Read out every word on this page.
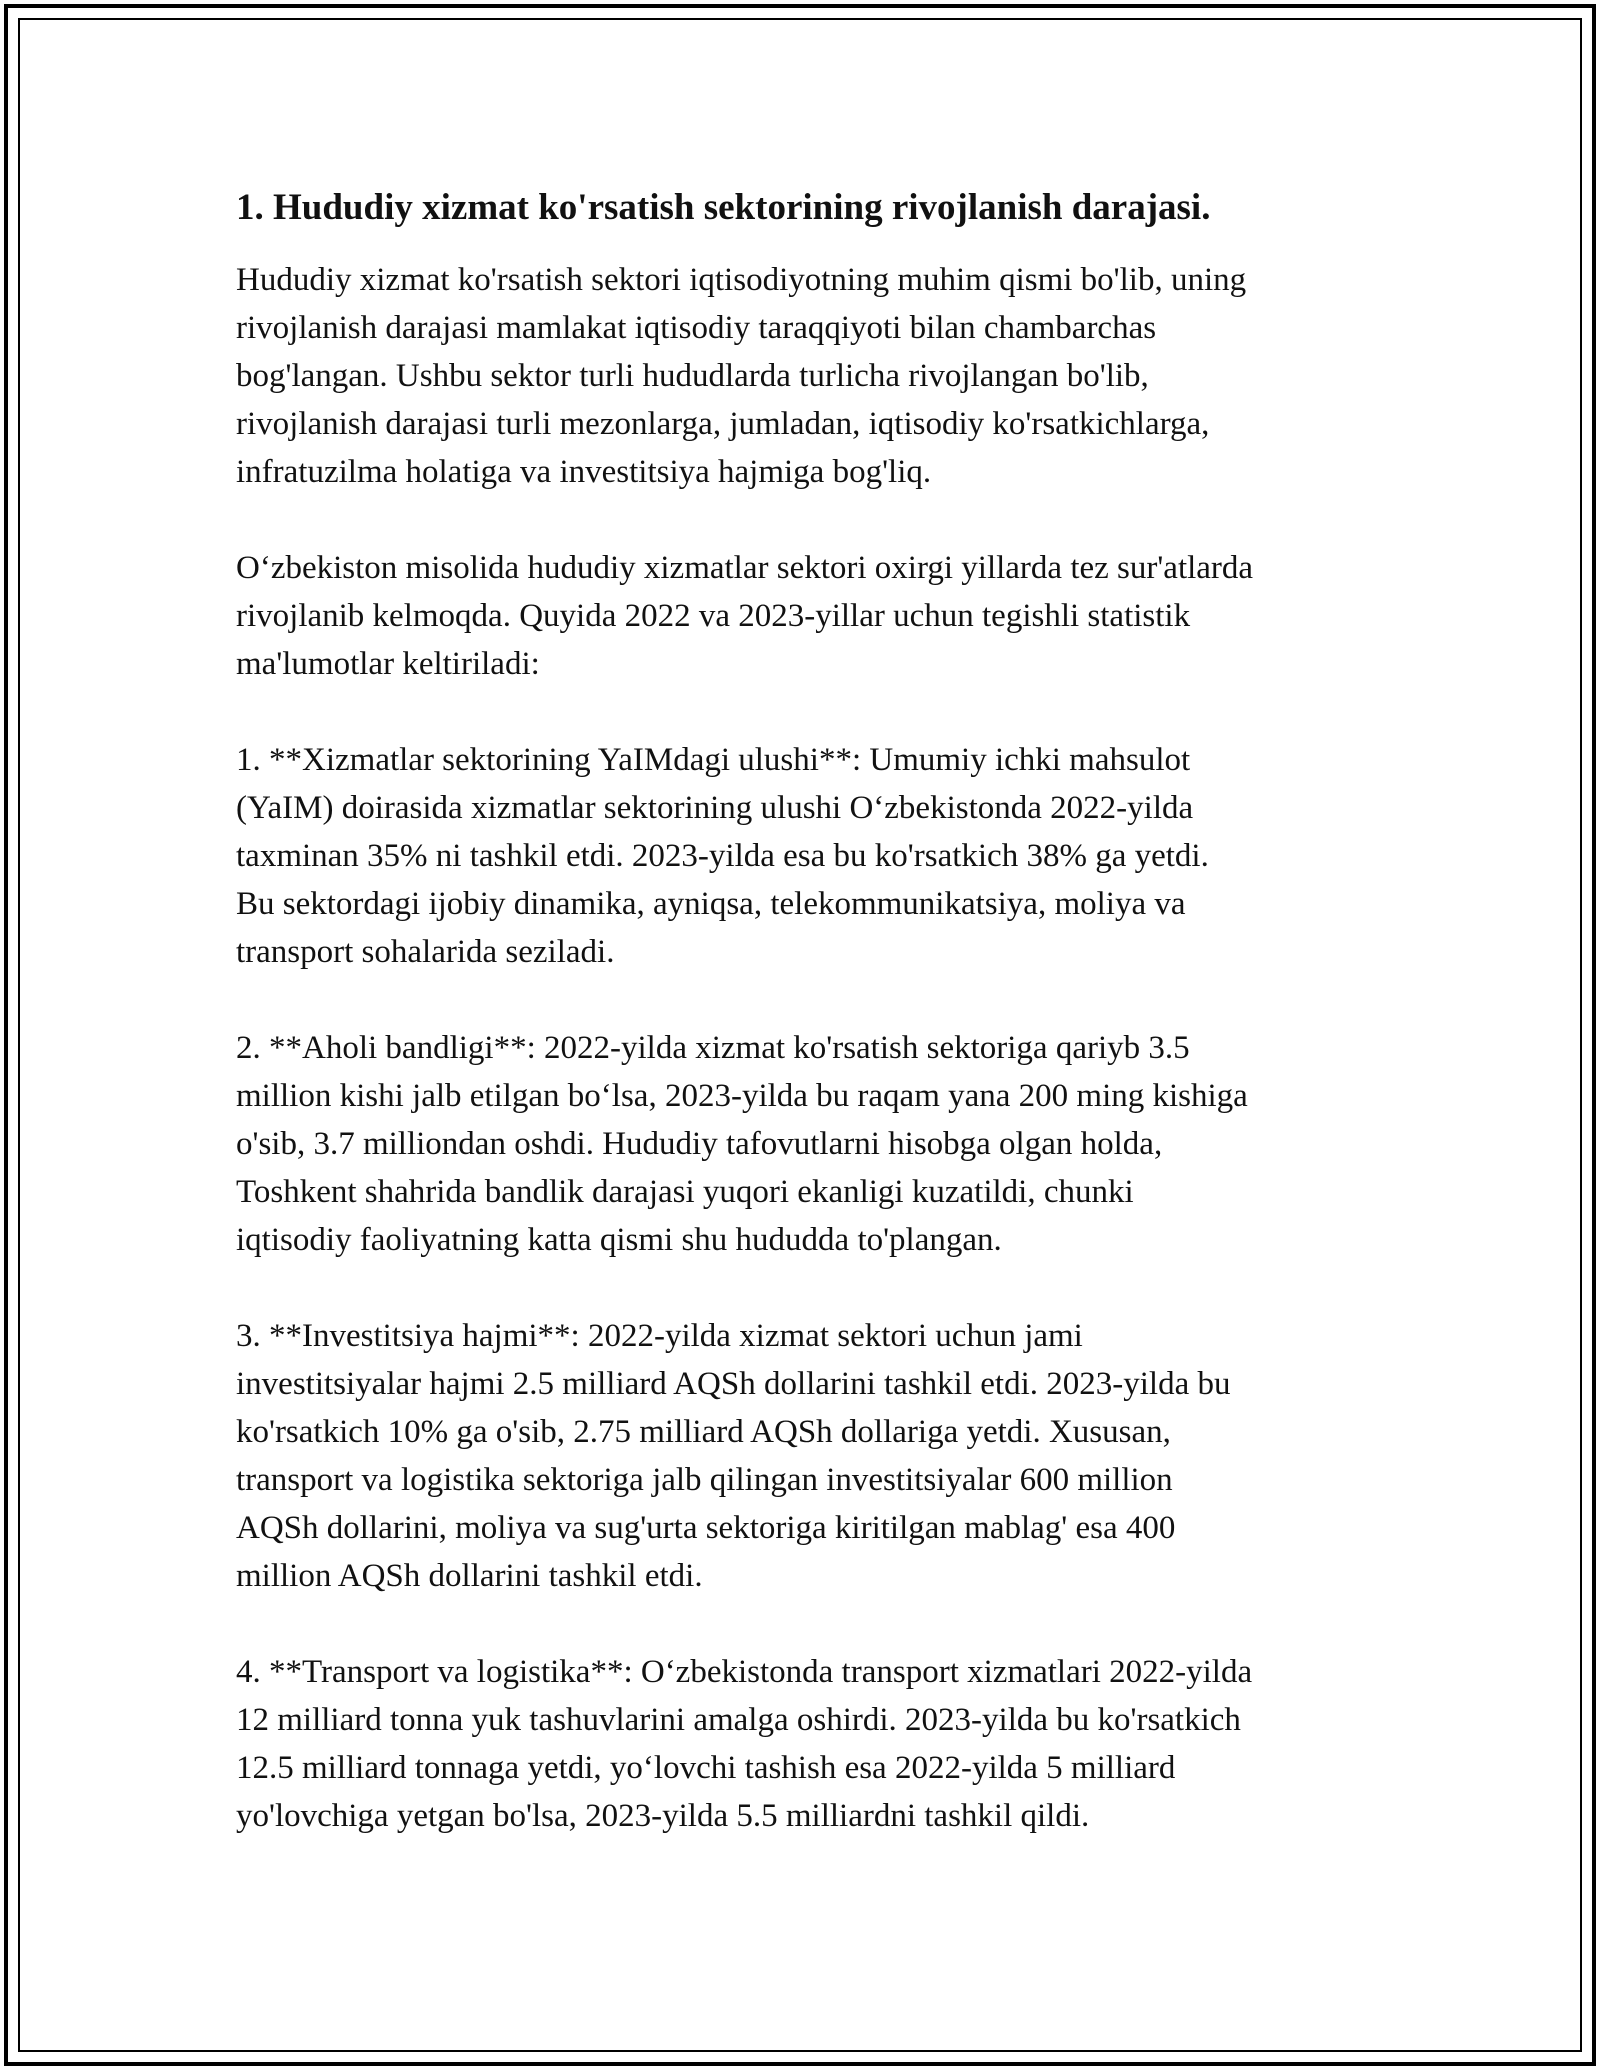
1. Hududiy xizmat ko'rsatish sektorining rivojlanish darajasi.

Hududiy xizmat ko'rsatish sektori iqtisodiyotning muhim qismi bo'lib, uning
rivojlanish darajasi mamlakat iqtisodiy taraqqiyoti bilan chambarchas
bog'langan. Ushbu sektor turli hududlarda turlicha rivojlangan bo'lib,
rivojlanish darajasi turli mezonlarga, jumladan, iqtisodiy ko'rsatkichlarga,
infratuzilma holatiga va investitsiya hajmiga bog'liq.

O‘zbekiston misolida hududiy xizmatlar sektori oxirgi yillarda tez sur'atlarda
rivojlanib kelmoqda. Quyida 2022 va 2023-yillar uchun tegishli statistik
ma'lumotlar keltiriladi:

1. **Xizmatlar sektorining YaIMdagi ulushi**: Umumiy ichki mahsulot
(YaIM) doirasida xizmatlar sektorining ulushi O‘zbekistonda 2022-yilda
taxminan 35% ni tashkil etdi. 2023-yilda esa bu ko'rsatkich 38% ga yetdi.
Bu sektordagi ijobiy dinamika, ayniqsa, telekommunikatsiya, moliya va
transport sohalarida seziladi.

2. **Aholi bandligi**: 2022-yilda xizmat ko'rsatish sektoriga qariyb 3.5
million kishi jalb etilgan bo‘lsa, 2023-yilda bu raqam yana 200 ming kishiga
o'sib, 3.7 milliondan oshdi. Hududiy tafovutlarni hisobga olgan holda,
Toshkent shahrida bandlik darajasi yuqori ekanligi kuzatildi, chunki
iqtisodiy faoliyatning katta qismi shu hududda to'plangan.

3. **Investitsiya hajmi**: 2022-yilda xizmat sektori uchun jami
investitsiyalar hajmi 2.5 milliard AQSh dollarini tashkil etdi. 2023-yilda bu
ko'rsatkich 10% ga o'sib, 2.75 milliard AQSh dollariga yetdi. Xususan,
transport va logistika sektoriga jalb qilingan investitsiyalar 600 million
AQSh dollarini, moliya va sug'urta sektoriga kiritilgan mablag' esa 400
million AQSh dollarini tashkil etdi.

4. **Transport va logistika**: O‘zbekistonda transport xizmatlari 2022-yilda
12 milliard tonna yuk tashuvlarini amalga oshirdi. 2023-yilda bu ko'rsatkich
12.5 milliard tonnaga yetdi, yo‘lovchi tashish esa 2022-yilda 5 milliard
yo'lovchiga yetgan bo'lsa, 2023-yilda 5.5 milliardni tashkil qildi.
